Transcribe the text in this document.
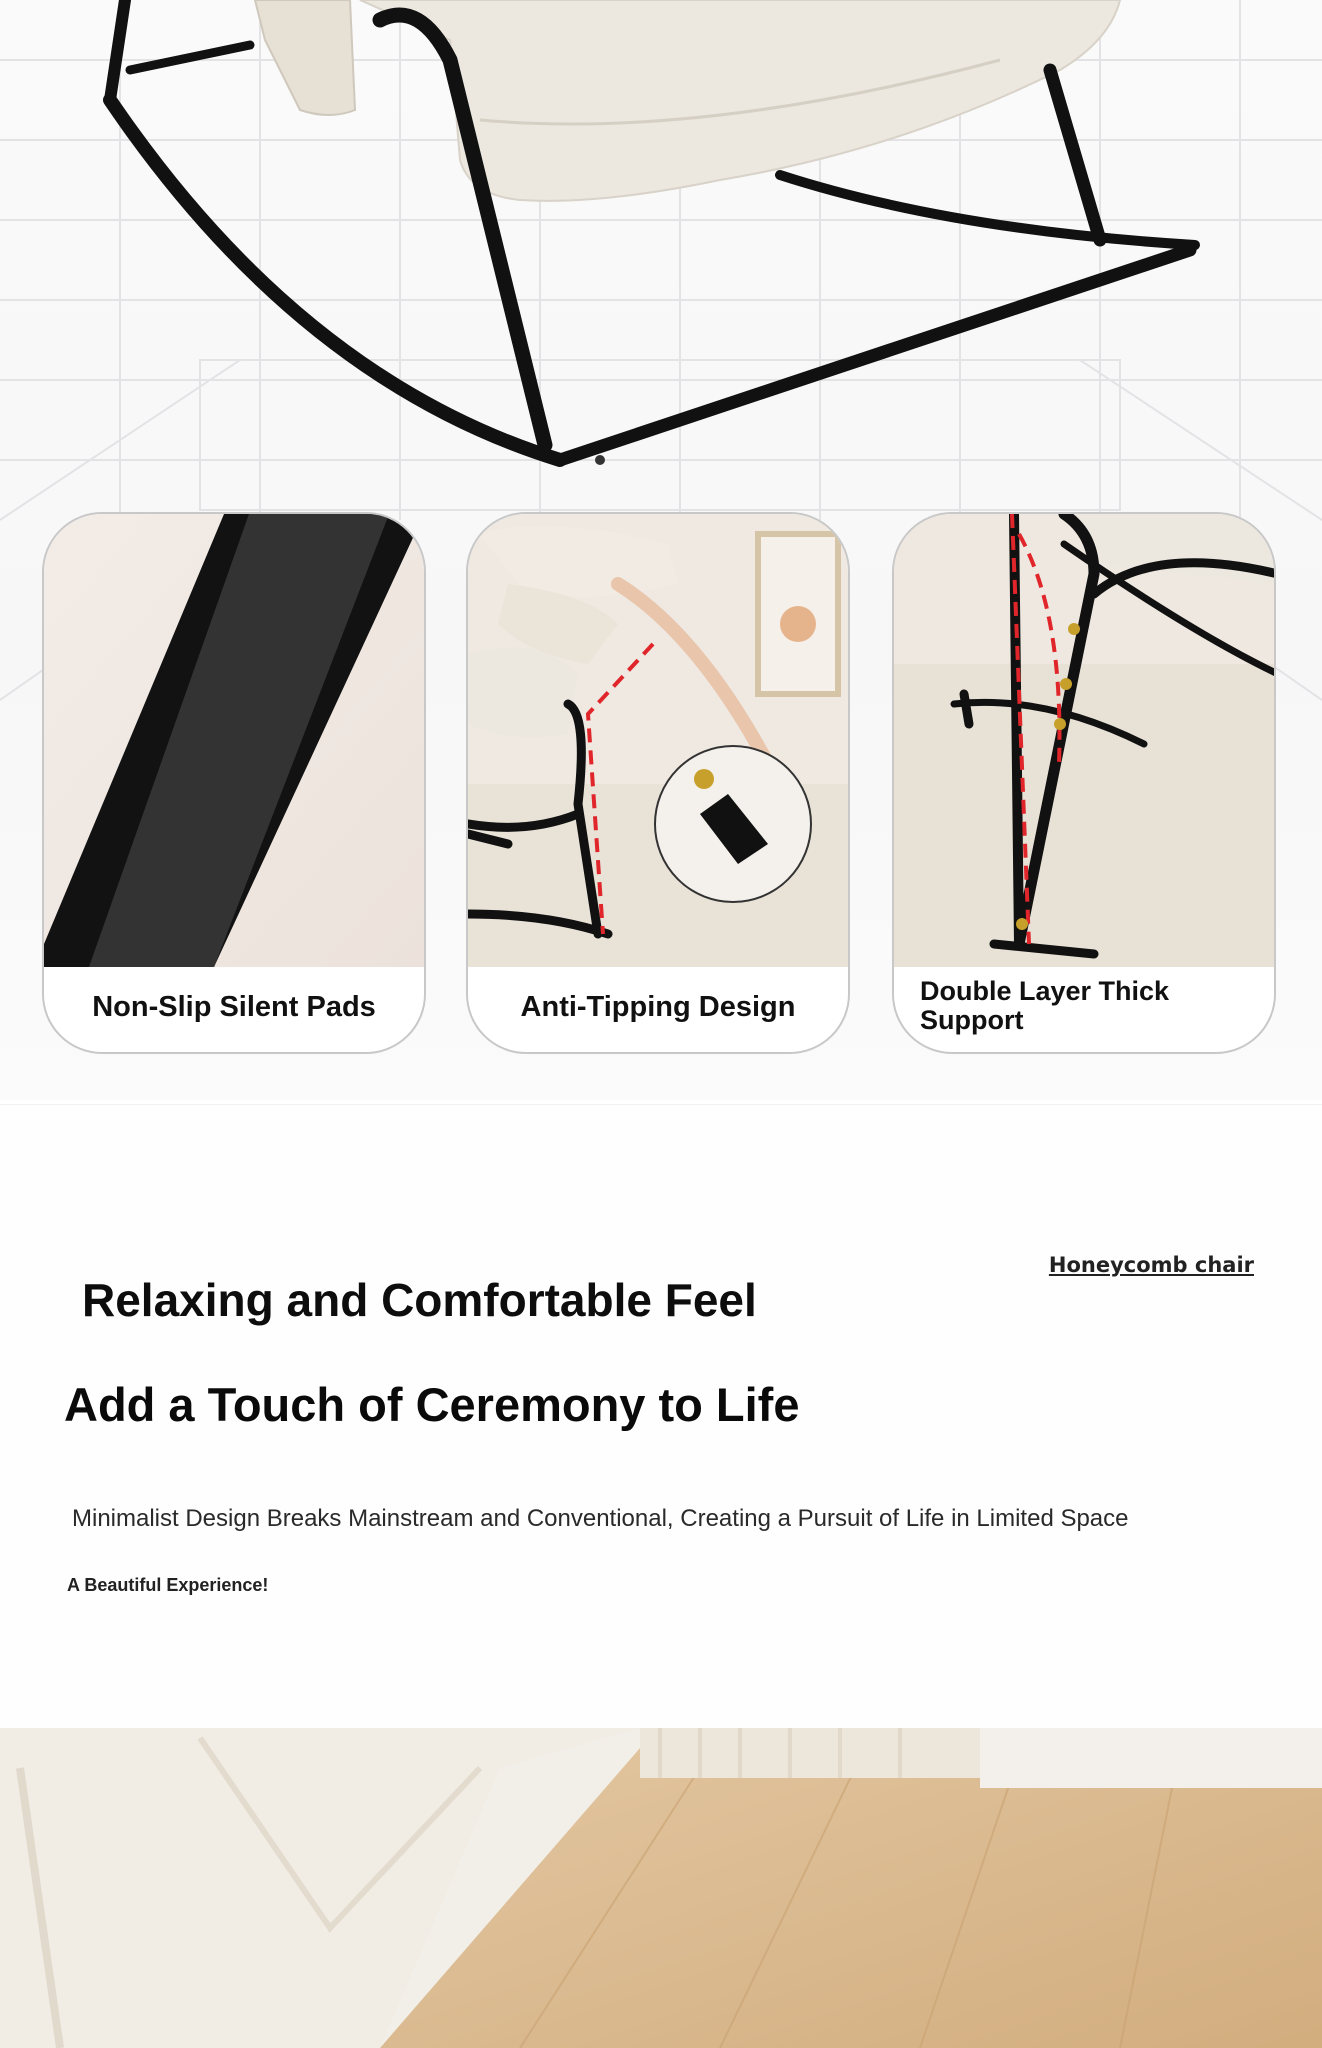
Non-Slip Silent Pads	Anti-Tipping Design
Double Layer Thick Support
Honeycomb chair
Relaxing and Comfortable Feel
Add a Touch of Ceremony to Life

Minimalist Design Breaks Mainstream and Conventional, Creating a Pursuit of Life in Limited Space

A Beautiful Experience!
